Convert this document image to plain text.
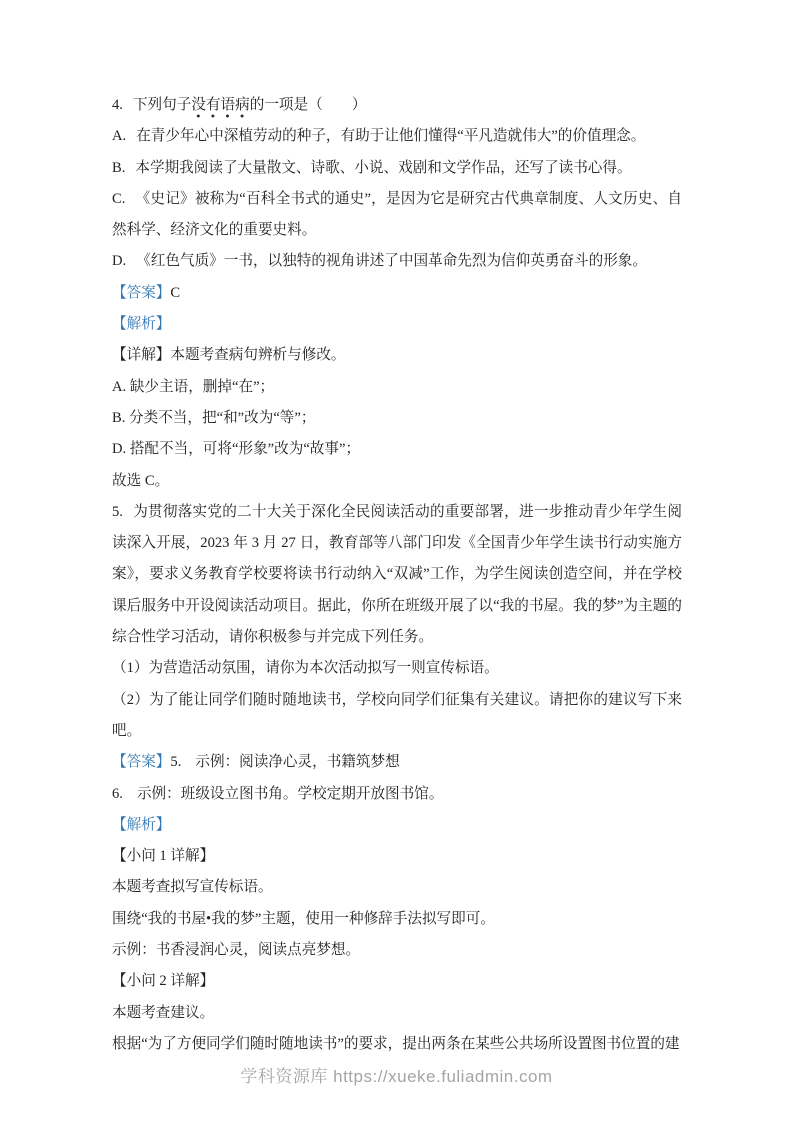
4. 下列句子没有语病的一项是（　　）

A. 在青少年心中深植劳动的种子，有助于让他们懂得“平凡造就伟大”的价值理念。

B. 本学期我阅读了大量散文、诗歌、小说、戏剧和文学作品，还写了读书心得。

C. 《史记》被称为“百科全书式的通史”，是因为它是研究古代典章制度、人文历史、自然科学、经济文化的重要史料。

D. 《红色气质》一书，以独特的视角讲述了中国革命先烈为信仰英勇奋斗的形象。

【答案】C

【解析】

【详解】本题考查病句辨析与修改。

A. 缺少主语，删掉“在”；

B. 分类不当，把“和”改为“等”；

D. 搭配不当，可将“形象”改为“故事”；

故选 C。

5. 为贯彻落实党的二十大关于深化全民阅读活动的重要部署，进一步推动青少年学生阅读深入开展，2023 年 3 月 27 日，教育部等八部门印发《全国青少年学生读书行动实施方案》，要求义务教育学校要将读书行动纳入“双减”工作，为学生阅读创造空间，并在学校课后服务中开设阅读活动项目。据此，你所在班级开展了以“我的书屋。我的梦”为主题的综合性学习活动，请你积极参与并完成下列任务。

（1）为营造活动氛围，请你为本次活动拟写一则宣传标语。

（2）为了能让同学们随时随地读书，学校向同学们征集有关建议。请把你的建议写下来吧。

【答案】5. 示例：阅读净心灵，书籍筑梦想

6. 示例：班级设立图书角。学校定期开放图书馆。

【解析】

【小问 1 详解】

本题考查拟写宣传标语。

围绕“我的书屋•我的梦”主题，使用一种修辞手法拟写即可。

示例：书香浸润心灵，阅读点亮梦想。

【小问 2 详解】

本题考查建议。

根据“为了方便同学们随时随地读书”的要求，提出两条在某些公共场所设置图书位置的建

学科资源库 https://xueke.fuliadmin.com
